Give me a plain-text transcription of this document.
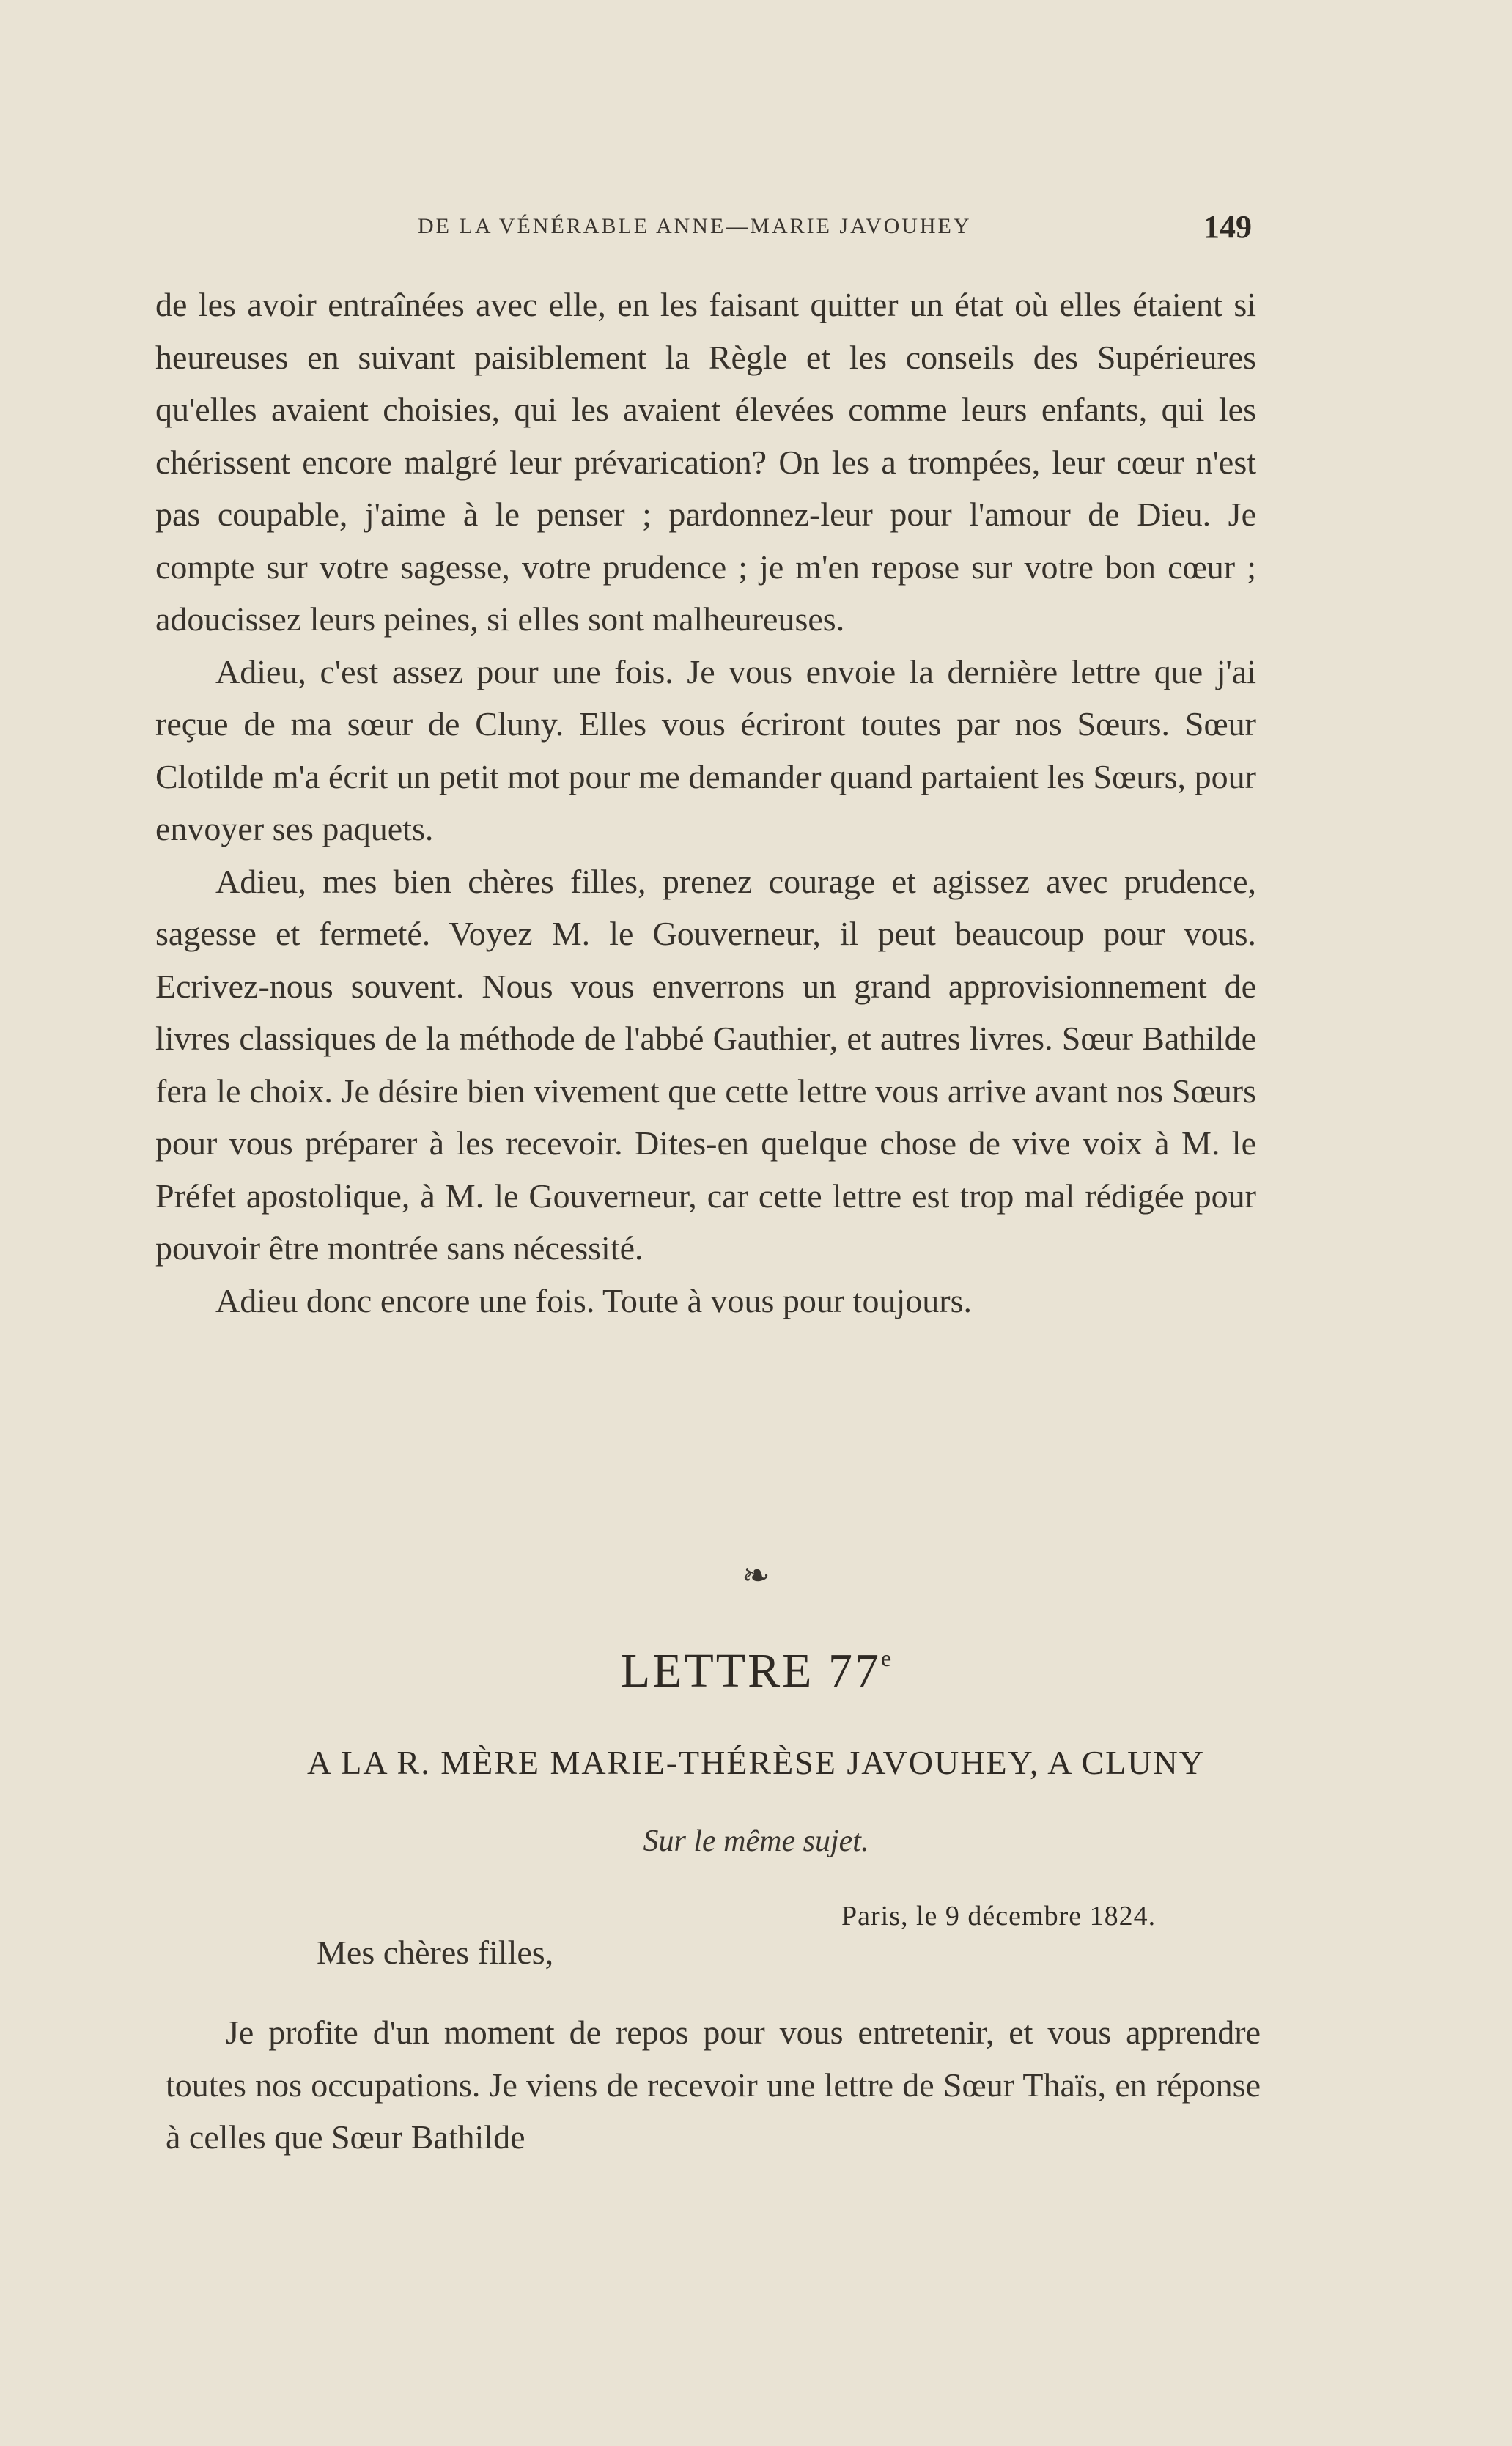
DE LA VÉNÉRABLE ANNE—MARIE JAVOUHEY	149

de les avoir entraînées avec elle, en les faisant quitter un état où elles étaient si heureuses en suivant paisiblement la Règle et les conseils des Supérieures qu'elles avaient choisies, qui les avaient élevées comme leurs enfants, qui les chérissent encore malgré leur prévarication? On les a trompées, leur cœur n'est pas coupable, j'aime à le penser ; pardonnez-leur pour l'amour de Dieu. Je compte sur votre sagesse, votre prudence ; je m'en repose sur votre bon cœur ; adoucissez leurs peines, si elles sont malheureuses.

Adieu, c'est assez pour une fois. Je vous envoie la dernière lettre que j'ai reçue de ma sœur de Cluny. Elles vous écriront toutes par nos Sœurs. Sœur Clotilde m'a écrit un petit mot pour me demander quand partaient les Sœurs, pour envoyer ses paquets.

Adieu, mes bien chères filles, prenez courage et agissez avec prudence, sagesse et fermeté. Voyez M. le Gouverneur, il peut beaucoup pour vous. Ecrivez-nous souvent. Nous vous enverrons un grand approvisionnement de livres classiques de la méthode de l'abbé Gauthier, et autres livres. Sœur Bathilde fera le choix. Je désire bien vivement que cette lettre vous arrive avant nos Sœurs pour vous préparer à les recevoir. Dites-en quelque chose de vive voix à M. le Préfet apostolique, à M. le Gouverneur, car cette lettre est trop mal rédigée pour pouvoir être montrée sans nécessité.

Adieu donc encore une fois. Toute à vous pour toujours.

❧
LETTRE 77e
A LA R. MÈRE MARIE-THÉRÈSE JAVOUHEY, A CLUNY
Sur le même sujet.
Paris, le 9 décembre 1824.
Mes chères filles,

Je profite d'un moment de repos pour vous entretenir, et vous apprendre toutes nos occupations. Je viens de recevoir une lettre de Sœur Thaïs, en réponse à celles que Sœur Bathilde
